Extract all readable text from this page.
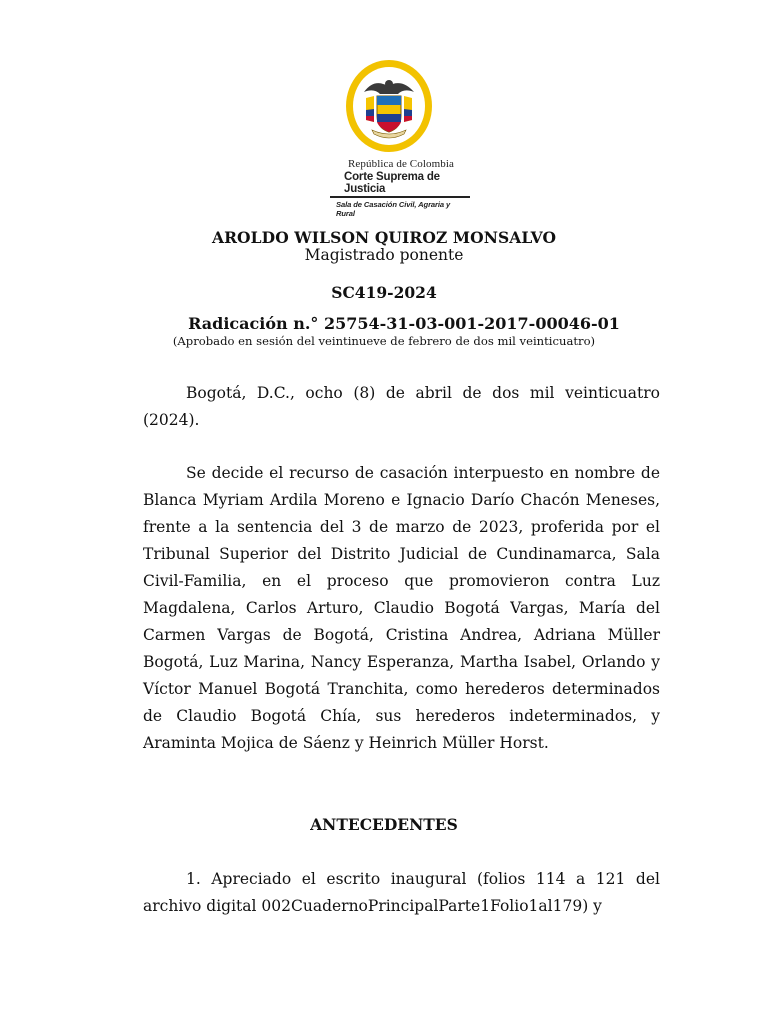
República de Colombia
Corte Suprema de Justicia
Sala de Casación Civil, Agraria y Rural
AROLDO WILSON QUIROZ MONSALVO
Magistrado ponente
SC419-2024
Radicación n.° 25754-31-03-001-2017-00046-01
(Aprobado en sesión del veintinueve de febrero de dos mil veinticuatro)

Bogotá, D.C., ocho (8) de abril de dos mil veinticuatro (2024).

Se decide el recurso de casación interpuesto en nombre de Blanca Myriam Ardila Moreno e Ignacio Darío Chacón Meneses, frente a la sentencia del 3 de marzo de 2023, proferida por el Tribunal Superior del Distrito Judicial de Cundinamarca, Sala Civil-Familia, en el proceso que promovieron contra Luz Magdalena, Carlos Arturo, Claudio Bogotá Vargas, María del Carmen Vargas de Bogotá, Cristina Andrea, Adriana Müller Bogotá, Luz Marina, Nancy Esperanza, Martha Isabel, Orlando y Víctor Manuel Bogotá Tranchita, como herederos determinados de Claudio Bogotá Chía, sus herederos indeterminados, y Araminta Mojica de Sáenz y Heinrich Müller Horst.

ANTECEDENTES

1. Apreciado el escrito inaugural (folios 114 a 121 del archivo digital 002CuadernoPrincipalParte1Folio1al179) y
